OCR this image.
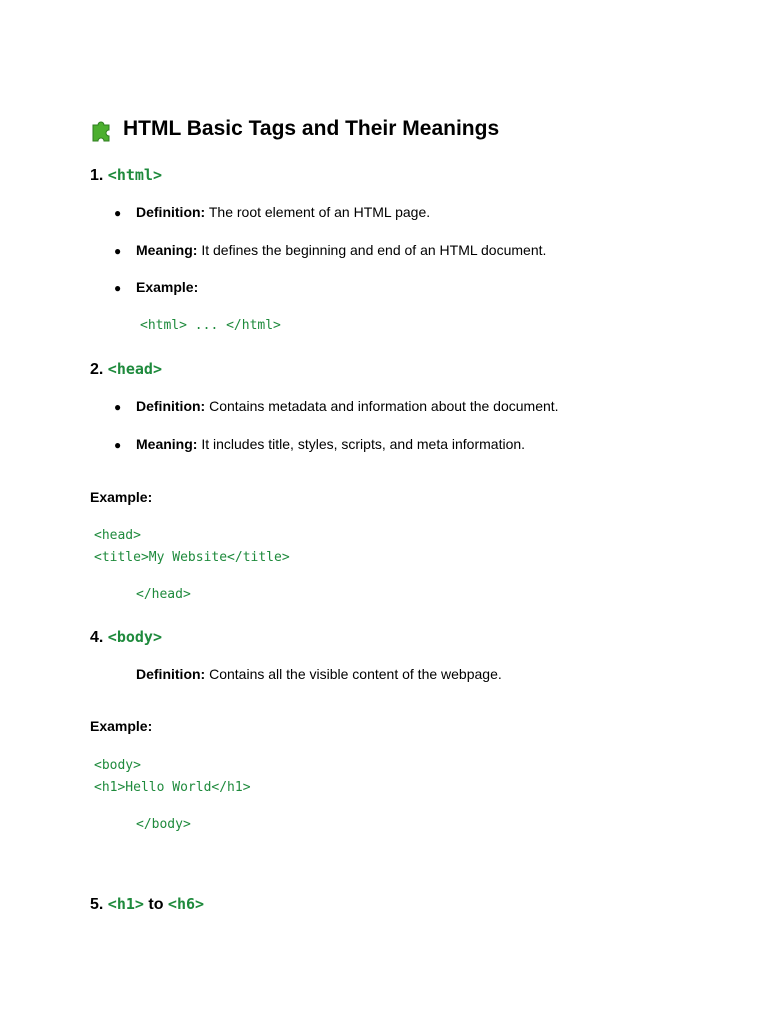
HTML Basic Tags and Their Meanings
1. <html>
● Definition: The root element of an HTML page.
● Meaning: It defines the beginning and end of an HTML document.
● Example:
<html> ... </html>
2. <head>
● Definition: Contains metadata and information about the document.
● Meaning: It includes title, styles, scripts, and meta information.
Example:
<head>
<title>My Website</title>
</head>
4. <body>
Definition: Contains all the visible content of the webpage.
Example:
<body>
<h1>Hello World</h1>
</body>
5. <h1> to <h6>
